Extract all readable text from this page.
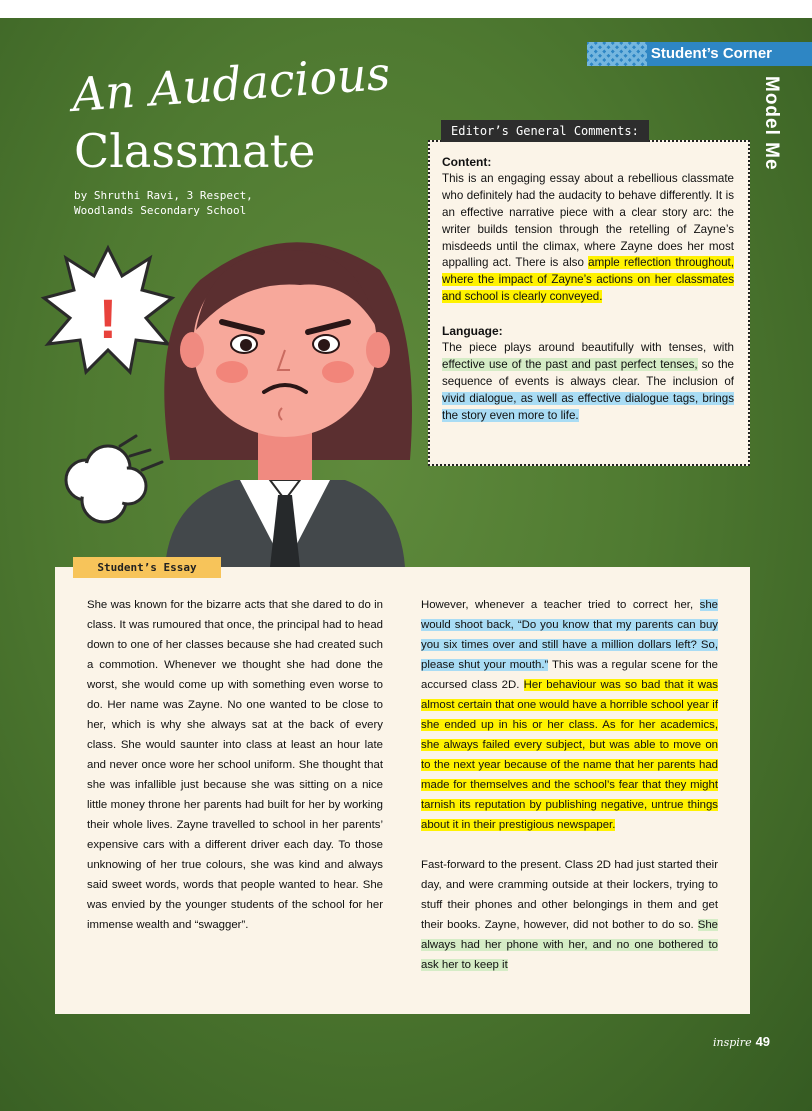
Student’s Corner
Model Me
An Audacious
Classmate
by Shruthi Ravi, 3 Respect,
Woodlands Secondary School
!
Editor’s General Comments:
Content:
This is an engaging essay about a rebellious classmate who definitely had the audacity to behave differently. It is an effective narrative piece with a clear story arc: the writer builds tension through the retelling of Zayne’s misdeeds until the climax, where Zayne does her most appalling act. There is also ample reflection throughout, where the impact of Zayne’s actions on her classmates and school is clearly conveyed.
Language:
The piece plays around beautifully with tenses, with effective use of the past and past perfect tenses, so the sequence of events is always clear. The inclusion of vivid dialogue, as well as effective dialogue tags, brings the story even more to life.
Student’s Essay

She was known for the bizarre acts that she dared to do in class. It was rumoured that once, the principal had to head down to one of her classes because she had created such a commotion. Whenever we thought she had done the worst, she would come up with something even worse to do. Her name was Zayne. No one wanted to be close to her, which is why she always sat at the back of every class. She would saunter into class at least an hour late and never once wore her school uniform. She thought that she was infallible just because she was sitting on a nice little money throne her parents had built for her by working their whole lives. Zayne travelled to school in her parents’ expensive cars with a different driver each day. To those unknowing of her true colours, she was kind and always said sweet words, words that people wanted to hear. She was envied by the younger students of the school for her immense wealth and “swagger”.

However, whenever a teacher tried to correct her, she would shoot back, “Do you know that my parents can buy you six times over and still have a million dollars left? So, please shut your mouth.” This was a regular scene for the accursed class 2D. Her behaviour was so bad that it was almost certain that one would have a horrible school year if she ended up in his or her class. As for her academics, she always failed every subject, but was able to move on to the next year because of the name that her parents had made for themselves and the school’s fear that they might tarnish its reputation by publishing negative, untrue things about it in their prestigious newspaper.

Fast-forward to the present. Class 2D had just started their day, and were cramming outside at their lockers, trying to stuff their phones and other belongings in them and get their books. Zayne, however, did not bother to do so. She always had her phone with her, and no one bothered to ask her to keep it

inspire 49
